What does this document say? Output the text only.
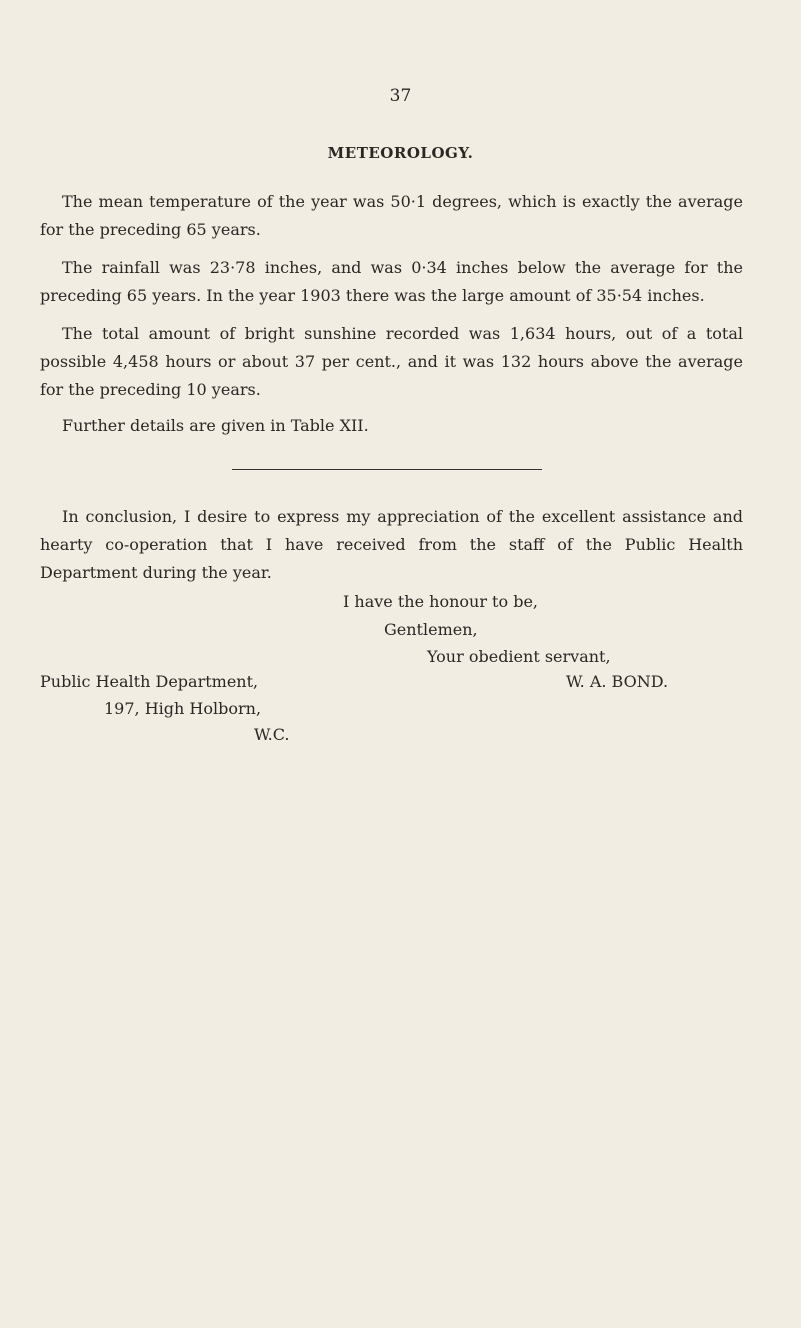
37
METEOROLOGY.

The mean temperature of the year was 50·1 degrees, which is exactly the average for the preceding 65 years.

The rainfall was 23·78 inches, and was 0·34 inches below the average for the preceding 65 years. In the year 1903 there was the large amount of 35·54 inches.

The total amount of bright sunshine recorded was 1,634 hours, out of a total possible 4,458 hours or about 37 per cent., and it was 132 hours above the average for the preceding 10 years.

Further details are given in Table XII.

In conclusion, I desire to express my appreciation of the excellent assistance and hearty co-operation that I have received from the staff of the Public Health Department during the year.

I have the honour to be,
Gentlemen,
Your obedient servant,
W. A. BOND.
Public Health Department,
197, High Holborn,
W.C.
